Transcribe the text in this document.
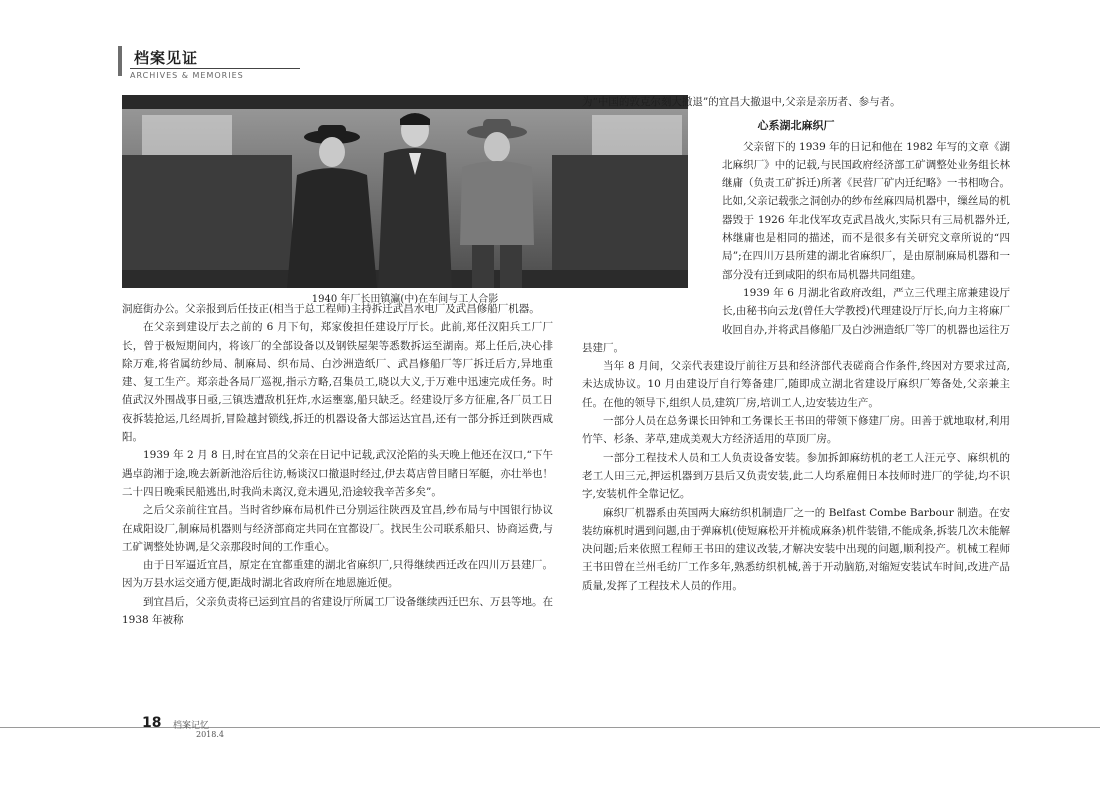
档案见证
ARCHIVES & MEMORIES
1940 年厂长田镇瀛(中)在车间与工人合影

洞庭街办公。父亲报到后任技正(相当于总工程师)主持拆迁武昌水电厂及武昌修船厂机器。

在父亲到建设厅去之前的 6 月下旬，郑家俊担任建设厅厅长。此前,郑任汉阳兵工厂厂长，曾于极短期间内，将该厂的全部设备以及钢铁屋架等悉数拆运至湖南。郑上任后,决心排除万难,将省属纺纱局、制麻局、织布局、白沙洲造纸厂、武昌修船厂等厂拆迁后方,异地重建、复工生产。郑亲赴各局厂巡视,指示方略,召集员工,晓以大义,于万难中迅速完成任务。时值武汉外围战事日亟,三镇迭遭敌机狂炸,水运壅塞,船只缺乏。经建设厅多方征雇,各厂员工日夜拆装抢运,几经周折,冒险越封锁线,拆迁的机器设备大部运达宜昌,还有一部分拆迁到陕西咸阳。

1939 年 2 月 8 日,时在宜昌的父亲在日记中记载,武汉沦陷的头天晚上他还在汉口,“下午遇卓韵湘于途,晚去新新池浴后往访,畅谈汉口撤退时经过,伊去葛店曾目睹日军艇，亦壮举也！二十四日晚乘民船逃出,时我尚未离汉,竟未遇见,沿途较我辛苦多矣”。

之后父亲前往宜昌。当时省纱麻布局机件已分别运往陕西及宜昌,纱布局与中国银行协议在咸阳设厂,制麻局机器则与经济部商定共同在宜都设厂。找民生公司联系船只、协商运费,与工矿调整处协调,是父亲那段时间的工作重心。

由于日军逼近宜昌，原定在宜都重建的湖北省麻织厂,只得继续西迁改在四川万县建厂。因为万县水运交通方便,距战时湖北省政府所在地恩施近便。

到宜昌后，父亲负责将已运到宜昌的省建设厅所属工厂设备继续西迁巴东、万县等地。在 1938 年被称

为“中国的敦克尔刻大撤退”的宜昌大撤退中,父亲是亲历者、参与者。

心系湖北麻织厂

父亲留下的 1939 年的日记和他在 1982 年写的文章《湖北麻织厂》中的记载,与民国政府经济部工矿调整处业务组长林继庸（负责工矿拆迁)所著《民营厂矿内迁纪略》一书相吻合。比如,父亲记载张之洞创办的纱布丝麻四局机器中，缫丝局的机器毁于 1926 年北伐军攻克武昌战火,实际只有三局机器外迁,林继庸也是相同的描述，而不是很多有关研究文章所说的“四局”;在四川万县所建的湖北省麻织厂，是由原制麻局机器和一部分没有迁到咸阳的织布局机器共同组建。

1939 年 6 月湖北省政府改组，严立三代理主席兼建设厅长,由秘书向云龙(曾任大学教授)代理建设厅厅长,向力主将麻厂收回自办,并将武昌修船厂及白沙洲造纸厂等厂的机器也运往万县建厂。

当年 8 月间，父亲代表建设厅前往万县和经济部代表磋商合作条件,终因对方要求过高,未达成协议。10 月由建设厅自行筹备建厂,随即成立湖北省建设厅麻织厂筹备处,父亲兼主任。在他的领导下,组织人员,建筑厂房,培训工人,边安装边生产。

一部分人员在总务课长田钟和工务课长王书田的带领下修建厂房。田善于就地取材,利用竹竿、杉条、茅草,建成美观大方经济适用的草顶厂房。

一部分工程技术人员和工人负责设备安装。参加拆卸麻纺机的老工人汪元亨、麻织机的老工人田三元,押运机器到万县后又负责安装,此二人均系雇佣日本技师时进厂的学徒,均不识字,安装机件全靠记忆。

麻织厂机器系由英国两大麻纺织机制造厂之一的 Belfast Combe Barbour 制造。在安装纺麻机时遇到问题,由于弹麻机(使短麻松开并梳成麻条)机件装错,不能成条,拆装几次未能解决问题;后来依照工程师王书田的建议改装,才解决安装中出现的问题,顺利投产。机械工程师王书田曾在兰州毛纺厂工作多年,熟悉纺织机械,善于开动脑筋,对缩短安装试车时间,改进产品质量,发挥了工程技术人员的作用。

18 档案记忆
2018.4
